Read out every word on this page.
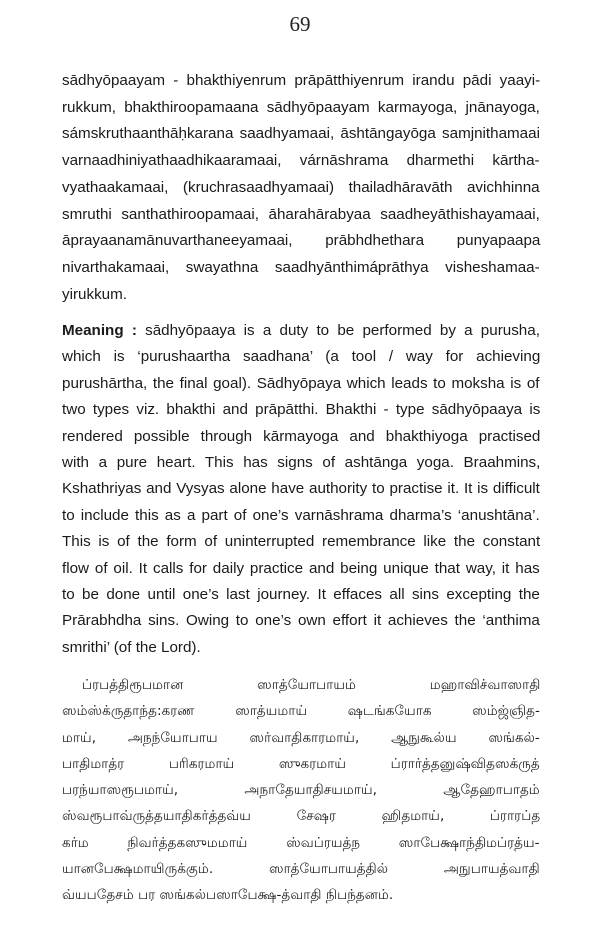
69
sādhyōpaayam - bhakthiyenrum prāpātthiyenrum irandu pādi yaayi-
rukkum, bhakthiroopamaana sādhyōpaayam karmayoga, jnānayoga,
sámskruthaanthāḥkarana saadhyamaai, āshtāngayōga samjnithamaai
varnaadhiniyathaadhikaaramaai, várnāshrama dharmethi kārtha-
vyathaakamaai, (kruchrasaadhyamaai) thailadhāravāth avichhinna
smruthi santhathiroopamaai, āharahārabyaa saadheyāthishayamaai,
āprayaanamānuvarthaneeyamaai, prābhdhethara punyapaapa
nivarthakamaai, swayathna saadhyānthimáprāthya visheshamaa-
yirukkum.
Meaning : sādhyōpaaya is a duty to be performed by a purusha,
which is ‘purushaartha saadhana’ (a tool / way for achieving
purushārtha, the final goal). Sādhyōpaya which leads to moksha is of
two types viz. bhakthi and prāpātthi. Bhakthi - type sādhyōpaaya is
rendered possible through kārmayoga and bhakthiyoga practised
with a pure heart. This has signs of ashtānga yoga. Braahmins,
Kshathriyas and Vysyas alone have authority to practise it. It is difficult
to include this as a part of one’s varnāshrama dharma’s ‘anushtāna’.
This is of the form of uninterrupted remembrance like the constant
flow of oil. It calls for daily practice and being unique that way, it has
to be done until one’s last journey. It effaces all sins excepting the
Prārabhdha sins. Owing to one’s own effort it achieves the ‘anthima
smrithi’ (of the Lord).
ப்ரபத்திரூபமான ஸாத்யோபாயம் மஹாவிச்வாஸாதி
ஸம்ஸ்க்ருதாந்த:கரண ஸாத்யமாய் ஷடங்கயோக ஸம்ஜ்ஞித-
மாய், அநந்யோபாய ஸர்வாதிகாரமாய், ஆநுகூல்ய ஸங்கல்-
பாதிமாத்ர பரிகரமாய் ஸுகரமாய் ப்ரார்த்தனுஷ்விதஸக்ருத்
பரந்யாஸரூபமாய், அநாதேயாதிசயமாய், ஆதேஹாபாதம்
ஸ்வரூபாவ்ருத்தயாதிகர்த்தவ்ய சேஷர ஹிதமாய், ப்ராரப்த
கர்ம நிவர்த்தகஸுமமாய் ஸ்வப்ரயத்ந ஸாபேக்ஷாந்திமப்ரத்ய-
யானபேக்ஷமாயிருக்கும். ஸாத்யோபாயத்தில் அநுபாயத்வாதி
வ்யபதேசம் பர ஸங்கல்பஸாபேக்ஷ-த்வாதி நிபந்தனம்.
